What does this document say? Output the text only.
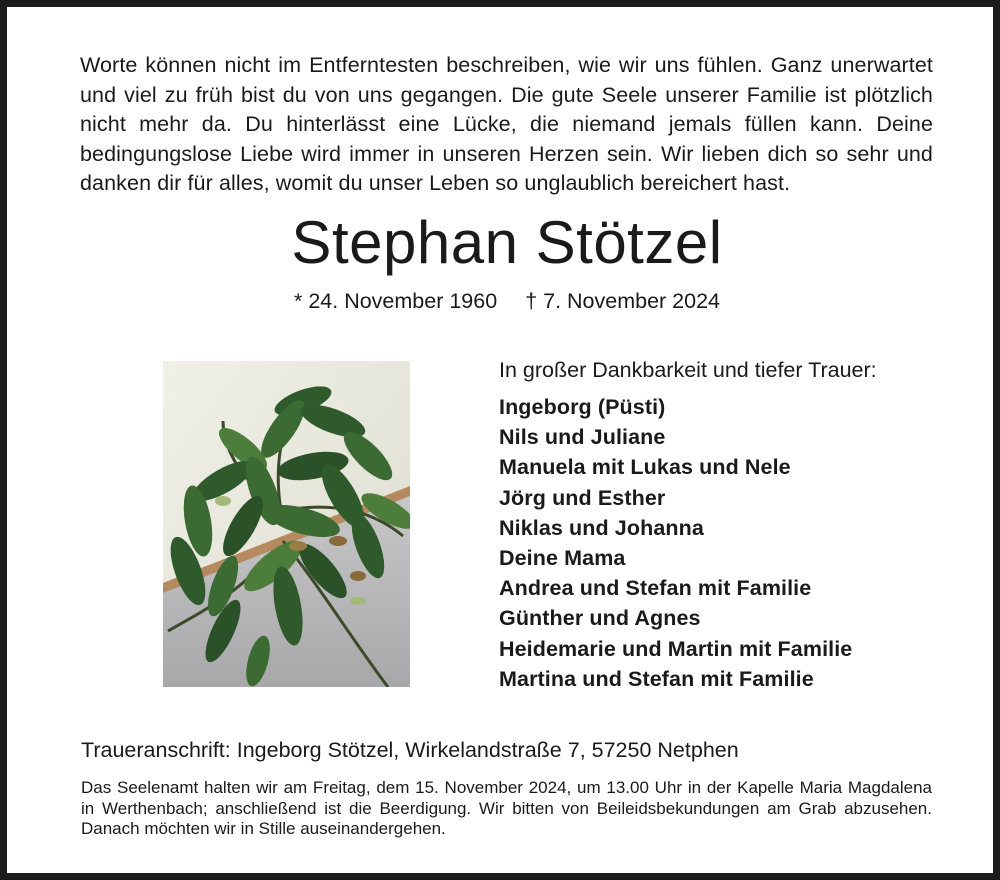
Worte können nicht im Entferntesten beschreiben, wie wir uns fühlen. Ganz unerwartet und viel zu früh bist du von uns gegangen. Die gute Seele unserer Familie ist plötzlich nicht mehr da. Du hinterlässt eine Lücke, die niemand jemals füllen kann. Deine bedingungslose Liebe wird immer in unseren Herzen sein. Wir lieben dich so sehr und danken dir für alles, womit du unser Leben so unglaublich bereichert hast.

Stephan Stötzel
* 24. November 1960 † 7. November 2024
In großer Dankbarkeit und tiefer Trauer:
Ingeborg (Püsti)
Nils und Juliane
Manuela mit Lukas und Nele
Jörg und Esther
Niklas und Johanna
Deine Mama
Andrea und Stefan mit Familie
Günther und Agnes
Heidemarie und Martin mit Familie
Martina und Stefan mit Familie
Traueranschrift: Ingeborg Stötzel, Wirkelandstraße 7, 57250 Netphen

Das Seelenamt halten wir am Freitag, dem 15. November 2024, um 13.00 Uhr in der Kapelle Maria Magdalena in Werthenbach; anschließend ist die Beerdigung. Wir bitten von Beileidsbekundungen am Grab abzusehen. Danach möchten wir in Stille auseinandergehen.
